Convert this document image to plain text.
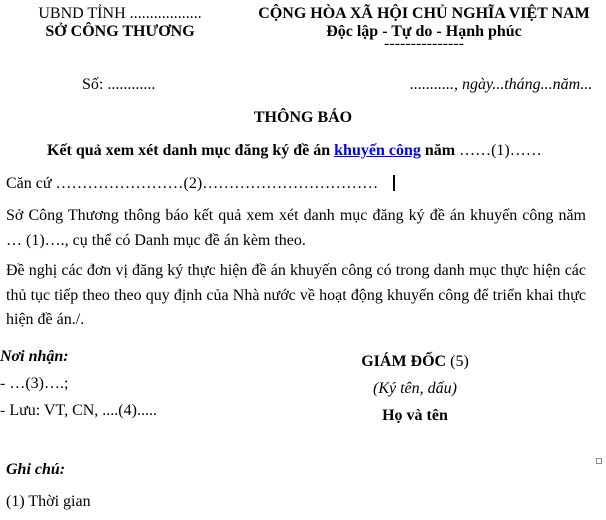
UBND TỈNH ..................
SỞ CÔNG THƯƠNG
CỘNG HÒA XÃ HỘI CHỦ NGHĨA VIỆT NAM
Độc lập - Tự do - Hạnh phúc
---------------
Số: ............	..........., ngày...tháng...năm...
THÔNG BÁO
Kết quả xem xét danh mục đăng ký đề án khuyến công năm ……(1)……
Căn cứ ……………………(2)……………………………
Sở Công Thương thông báo kết quả xem xét danh mục đăng ký đề án khuyến công năm … (1)…., cụ thể có Danh mục đề án kèm theo.
Đề nghị các đơn vị đăng ký thực hiện đề án khuyến công có trong danh mục thực hiện các thủ tục tiếp theo theo quy định của Nhà nước về hoạt động khuyến công để triển khai thực hiện đề án./.
Nơi nhận:
- …(3)….;
- Lưu: VT, CN, ....(4).....
GIÁM ĐỐC (5)
(Ký tên, dấu)
Họ và tên
Ghi chú:
(1) Thời gian
